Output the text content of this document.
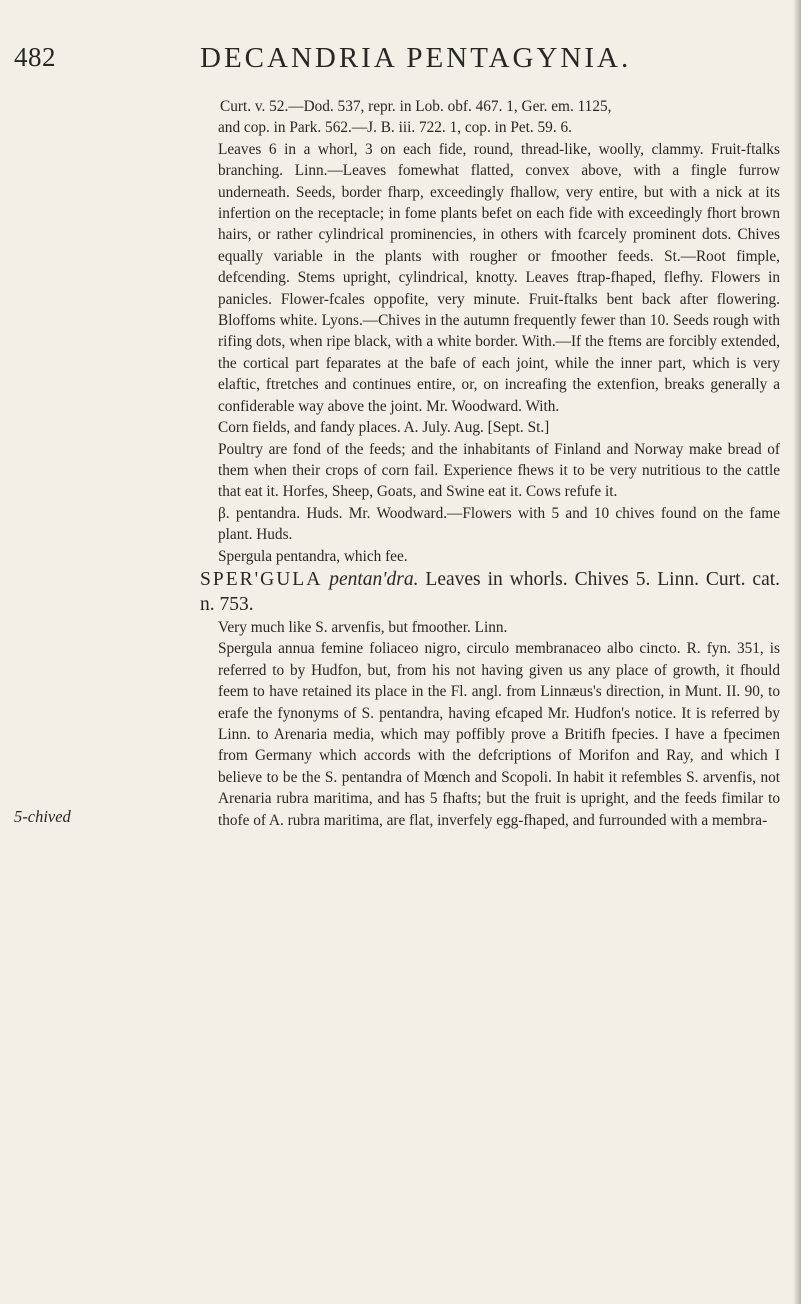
482	DECANDRIA PENTAGYNIA.
5-chived

Curt. v. 52.—Dod. 537, repr. in Lob. obf. 467. 1, Ger. em. 1125,

and cop. in Park. 562.—J. B. iii. 722. 1, cop. in Pet. 59. 6.

Leaves 6 in a whorl, 3 on each fide, round, thread-like, woolly, clammy. Fruit-ftalks branching. Linn.—Leaves fomewhat flatted, convex above, with a fingle furrow underneath. Seeds, border fharp, exceedingly fhallow, very entire, but with a nick at its infertion on the receptacle; in fome plants befet on each fide with exceedingly fhort brown hairs, or rather cylindrical prominencies, in others with fcarcely prominent dots. Chives equally variable in the plants with rougher or fmoother feeds. St.—Root fimple, defcending. Stems upright, cylindrical, knotty. Leaves ftrap-fhaped, flefhy. Flowers in panicles. Flower-fcales oppofite, very minute. Fruit-ftalks bent back after flowering. Bloffoms white. Lyons.—Chives in the autumn frequently fewer than 10. Seeds rough with rifing dots, when ripe black, with a white border. With.—If the ftems are forcibly extended, the cortical part feparates at the bafe of each joint, while the inner part, which is very elaftic, ftretches and continues entire, or, on increafing the extenfion, breaks generally a confiderable way above the joint. Mr. Woodward. With.

Corn fields, and fandy places. A. July. Aug. [Sept. St.]

Poultry are fond of the feeds; and the inhabitants of Finland and Norway make bread of them when their crops of corn fail. Experience fhews it to be very nutritious to the cattle that eat it. Horfes, Sheep, Goats, and Swine eat it. Cows refufe it.

β. pentandra. Huds. Mr. Woodward.—Flowers with 5 and 10 chives found on the fame plant. Huds.

Spergula pentandra, which fee.

SPER'GULA pentan'dra. Leaves in whorls. Chives 5. Linn. Curt. cat. n. 753.

Very much like S. arvenfis, but fmoother. Linn.

Spergula annua femine foliaceo nigro, circulo membranaceo albo cincto. R. fyn. 351, is referred to by Hudfon, but, from his not having given us any place of growth, it fhould feem to have retained its place in the Fl. angl. from Linnæus's direction, in Munt. II. 90, to erafe the fynonyms of S. pentandra, having efcaped Mr. Hudfon's notice. It is referred by Linn. to Arenaria media, which may poffibly prove a Britifh fpecies. I have a fpecimen from Germany which accords with the defcriptions of Morifon and Ray, and which I believe to be the S. pentandra of Mœnch and Scopoli. In habit it refembles S. arvenfis, not Arenaria rubra maritima, and has 5 fhafts; but the fruit is upright, and the feeds fimilar to thofe of A. rubra maritima, are flat, inverfely egg-fhaped, and furrounded with a membra-
